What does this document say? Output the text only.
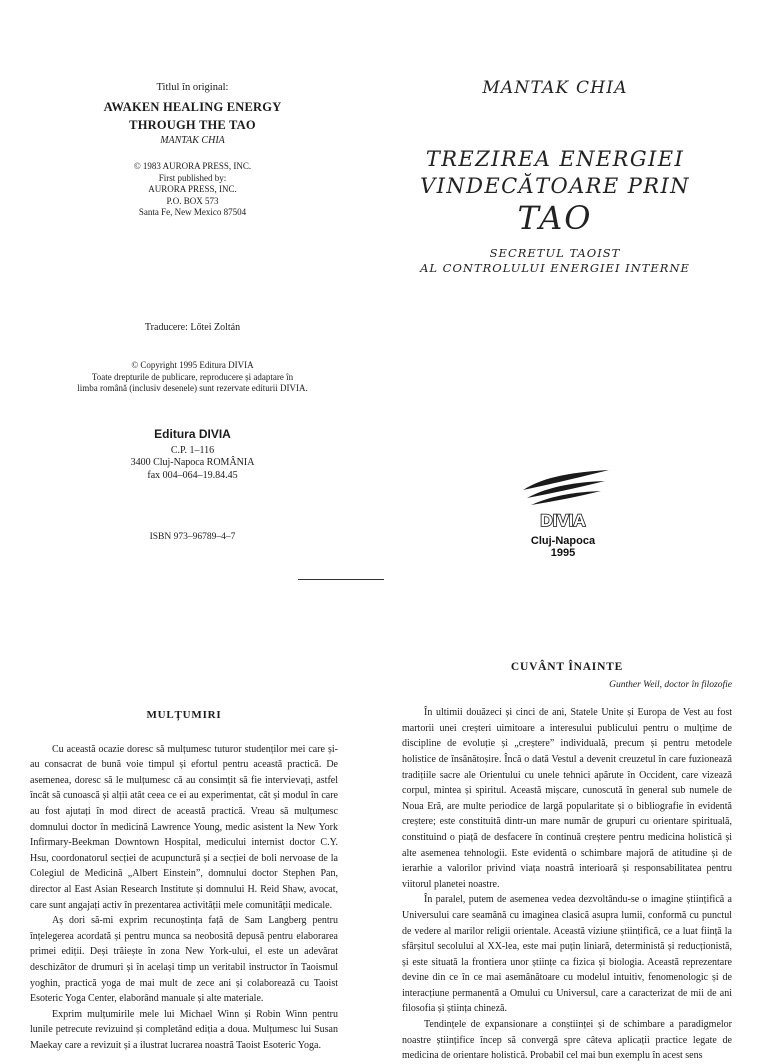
Titlul în original:
AWAKEN HEALING ENERGY
THROUGH THE TAO
MANTAK CHIA
© 1983 AURORA PRESS, INC.
First published by:
AURORA PRESS, INC.
P.O. BOX 573
Santa Fe, New Mexico 87504
Traducere: Lőtei Zoltán
© Copyright 1995 Editura DIVIA
Toate drepturile de publicare, reproducere și adaptare în
limba română (inclusiv desenele) sunt rezervate editurii DIVIA.
Editura DIVIA
C.P. 1–116
3400 Cluj-Napoca ROMÂNIA
fax 004–064–19.84.45
ISBN 973–96789–4–7
MANTAK CHIA
TREZIREA ENERGIEI
VINDECĂTOARE PRIN
TAO
SECRETUL TAOIST
AL CONTROLULUI ENERGIEI INTERNE
DIVIA
Cluj-Napoca
1995
MULȚUMIRI

Cu această ocazie doresc să mulțumesc tuturor studenților mei care și-au consacrat de bună voie timpul și efortul pentru această practică. De asemenea, doresc să le mulțumesc că au consimțit să fie intervievați, astfel încât să cunoască și alții atât ceea ce ei au experimentat, cât și modul în care au fost ajutați în mod direct de această practică. Vreau să mulțumesc domnului doctor în medicină Lawrence Young, medic asistent la New York Infirmary-Beekman Downtown Hospital, medicului internist doctor C.Y. Hsu, coordonatorul secției de acupunctură și a secției de boli nervoase de la Colegiul de Medicină „Albert Einstein”, domnului doctor Stephen Pan, director al East Asian Research Institute și domnului H. Reid Shaw, avocat, care sunt angajați activ în prezentarea activității mele comunității medicale.

Aș dori să-mi exprim recunoștința față de Sam Langberg pentru înțelegerea acordată și pentru munca sa neobosită depusă pentru elaborarea primei ediții. Deși trăiește în zona New York-ului, el este un adevărat deschizător de drumuri și în același timp un veritabil instructor în Taoismul yoghin, practică yoga de mai mult de zece ani și colaborează cu Taoist Esoteric Yoga Center, elaborând manuale și alte materiale.

Exprim mulțumirile mele lui Michael Winn și Robin Winn pentru lunile petrecute revizuind și completând ediția a doua. Mulțumesc lui Susan Maekay care a revizuit și a ilustrat lucrarea noastră Taoist Esoteric Yoga.

CUVÂNT ÎNAINTE
Gunther Weil, doctor în filozofie

În ultimii douăzeci și cinci de ani, Statele Unite și Europa de Vest au fost martorii unei creșteri uimitoare a interesului publicului pentru o mulțime de discipline de evoluție și „creștere” individuală, precum și pentru metodele holistice de însănătoșire. Încă o dată Vestul a devenit creuzetul în care fuzionează tradițiile sacre ale Orientului cu unele tehnici apărute în Occident, care vizează corpul, mintea și spiritul. Această mișcare, cunoscută în general sub numele de Noua Eră, are multe periodice de largă popularitate și o bibliografie în evidentă creștere; este constituită dintr-un mare număr de grupuri cu orientare spirituală, constituind o piață de desfacere în continuă creștere pentru medicina holistică și alte asemenea tehnologii. Este evidentă o schimbare majoră de atitudine și de ierarhie a valorilor privind viața noastră interioară și responsabilitatea pentru viitorul planetei noastre.

În paralel, putem de asemenea vedea dezvoltându-se o imagine științifică a Universului care seamănă cu imaginea clasică asupra lumii, conformă cu punctul de vedere al marilor religii orientale. Această viziune științifică, ce a luat ființă la sfârșitul secolului al XX-lea, este mai puțin liniară, deterministă și reducționistă, și este situată la frontiera unor științe ca fizica și biologia. Această reprezentare devine din ce în ce mai asemănătoare cu modelul intuitiv, fenomenologic și de interacțiune permanentă a Omului cu Universul, care a caracterizat de mii de ani filosofia și știința chineză.

Tendințele de expansionare a conștiinței și de schimbare a paradigmelor noastre științifice încep să convergă spre câteva aplicații practice legate de medicina de orientare holistică. Probabil cel mai bun exemplu în acest sens
